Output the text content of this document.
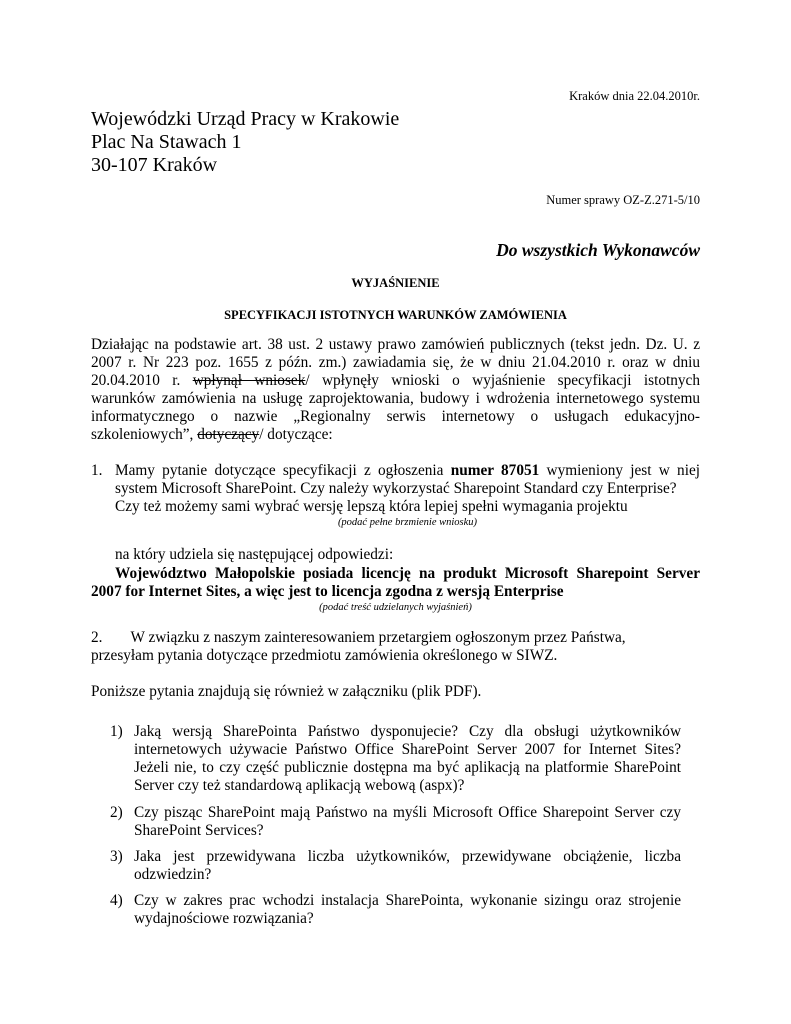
Kraków dnia 22.04.2010r.
Wojewódzki Urząd Pracy w Krakowie
Plac Na Stawach 1
30-107 Kraków
Numer sprawy OZ-Z.271-5/10
Do wszystkich Wykonawców
WYJAŚNIENIE
SPECYFIKACJI ISTOTNYCH WARUNKÓW ZAMÓWIENIA
Działając na podstawie art. 38 ust. 2 ustawy prawo zamówień publicznych (tekst jedn. Dz. U. z
2007 r. Nr 223 poz. 1655 z późn. zm.) zawiadamia się, że w dniu 21.04.2010 r. oraz w dniu
20.04.2010 r. wpłynął wniosek/ wpłynęły wnioski o wyjaśnienie specyfikacji istotnych
warunków zamówienia na usługę zaprojektowania, budowy i wdrożenia internetowego systemu
informatycznego o nazwie „Regionalny serwis internetowy o usługach edukacyjno-
szkoleniowych”, dotyczący/ dotyczące:
1. Mamy pytanie dotyczące specyfikacji z ogłoszenia numer 87051 wymieniony jest w niej
system Microsoft SharePoint. Czy należy wykorzystać Sharepoint Standard czy Enterprise?
Czy też możemy sami wybrać wersję lepszą która lepiej spełni wymagania projektu
(podać pełne brzmienie wniosku)
na który udziela się następującej odpowiedzi:
Województwo Małopolskie posiada licencję na produkt Microsoft Sharepoint Server
2007 for Internet Sites, a więc jest to licencja zgodna z wersją Enterprise
(podać treść udzielanych wyjaśnień)
2. W związku z naszym zainteresowaniem przetargiem ogłoszonym przez Państwa,
przesyłam pytania dotyczące przedmiotu zamówienia określonego w SIWZ.
Poniższe pytania znajdują się również w załączniku (plik PDF).
1) Jaką wersją SharePointa Państwo dysponujecie? Czy dla obsługi użytkowników
internetowych używacie Państwo Office SharePoint Server 2007 for Internet Sites?
Jeżeli nie, to czy część publicznie dostępna ma być aplikacją na platformie SharePoint
Server czy też standardową aplikacją webową (aspx)?
2) Czy pisząc SharePoint mają Państwo na myśli Microsoft Office Sharepoint Server czy
SharePoint Services?
3) Jaka jest przewidywana liczba użytkowników, przewidywane obciążenie, liczba
odzwiedzin?
4) Czy w zakres prac wchodzi instalacja SharePointa, wykonanie sizingu oraz strojenie
wydajnościowe rozwiązania?
